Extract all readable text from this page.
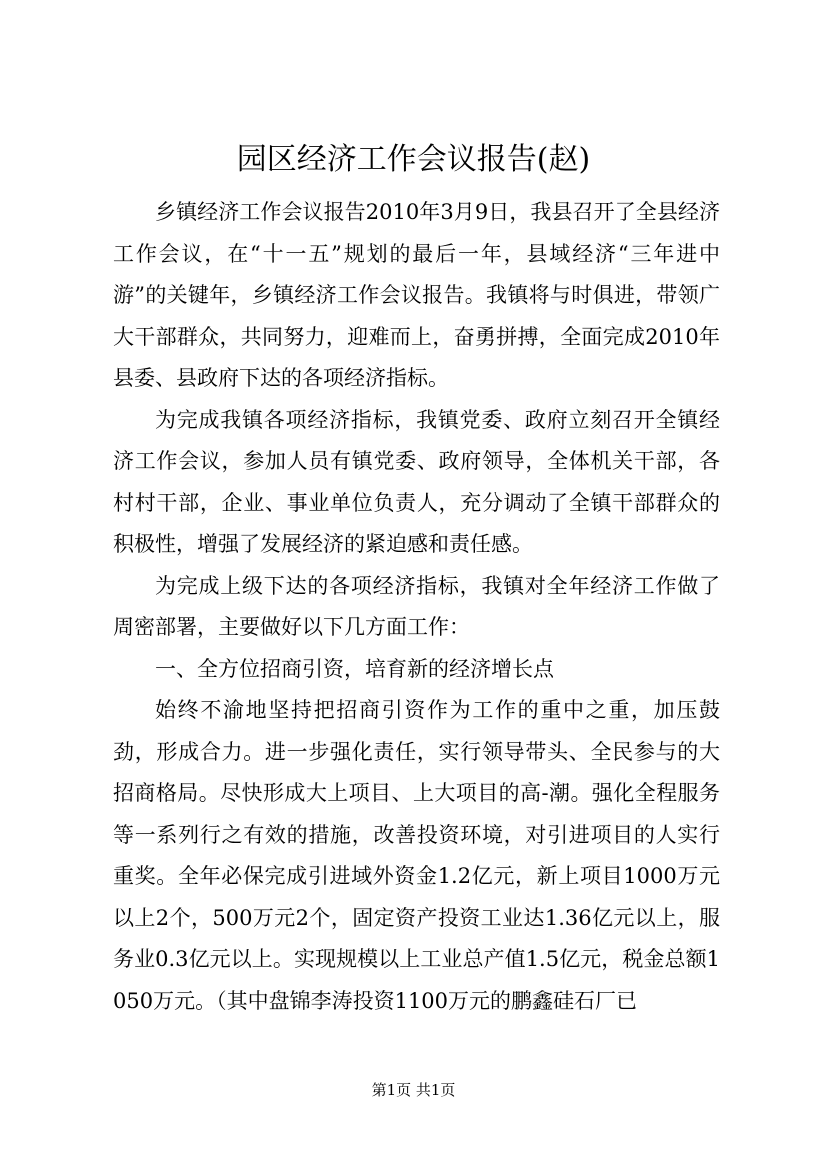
园区经济工作会议报告(赵)

乡镇经济工作会议报告2010年3月9日，我县召开了全县经济工作会议，在“十一五”规划的最后一年，县域经济“三年进中游”的关键年，乡镇经济工作会议报告。我镇将与时俱进，带领广大干部群众，共同努力，迎难而上，奋勇拼搏，全面完成2010年县委、县政府下达的各项经济指标。

为完成我镇各项经济指标，我镇党委、政府立刻召开全镇经济工作会议，参加人员有镇党委、政府领导，全体机关干部，各村村干部，企业、事业单位负责人，充分调动了全镇干部群众的积极性，增强了发展经济的紧迫感和责任感。

为完成上级下达的各项经济指标，我镇对全年经济工作做了周密部署，主要做好以下几方面工作：

一、全方位招商引资，培育新的经济增长点

始终不渝地坚持把招商引资作为工作的重中之重，加压鼓劲，形成合力。进一步强化责任，实行领导带头、全民参与的大招商格局。尽快形成大上项目、上大项目的高-潮。强化全程服务等一系列行之有效的措施，改善投资环境，对引进项目的人实行重奖。全年必保完成引进域外资金1.2亿元，新上项目1000万元以上2个，500万元2个，固定资产投资工业达1.36亿元以上，服务业0.3亿元以上。实现规模以上工业总产值1.5亿元，税金总额1050万元。（其中盘锦李涛投资1100万元的鹏鑫硅石厂已

第1页 共1页
